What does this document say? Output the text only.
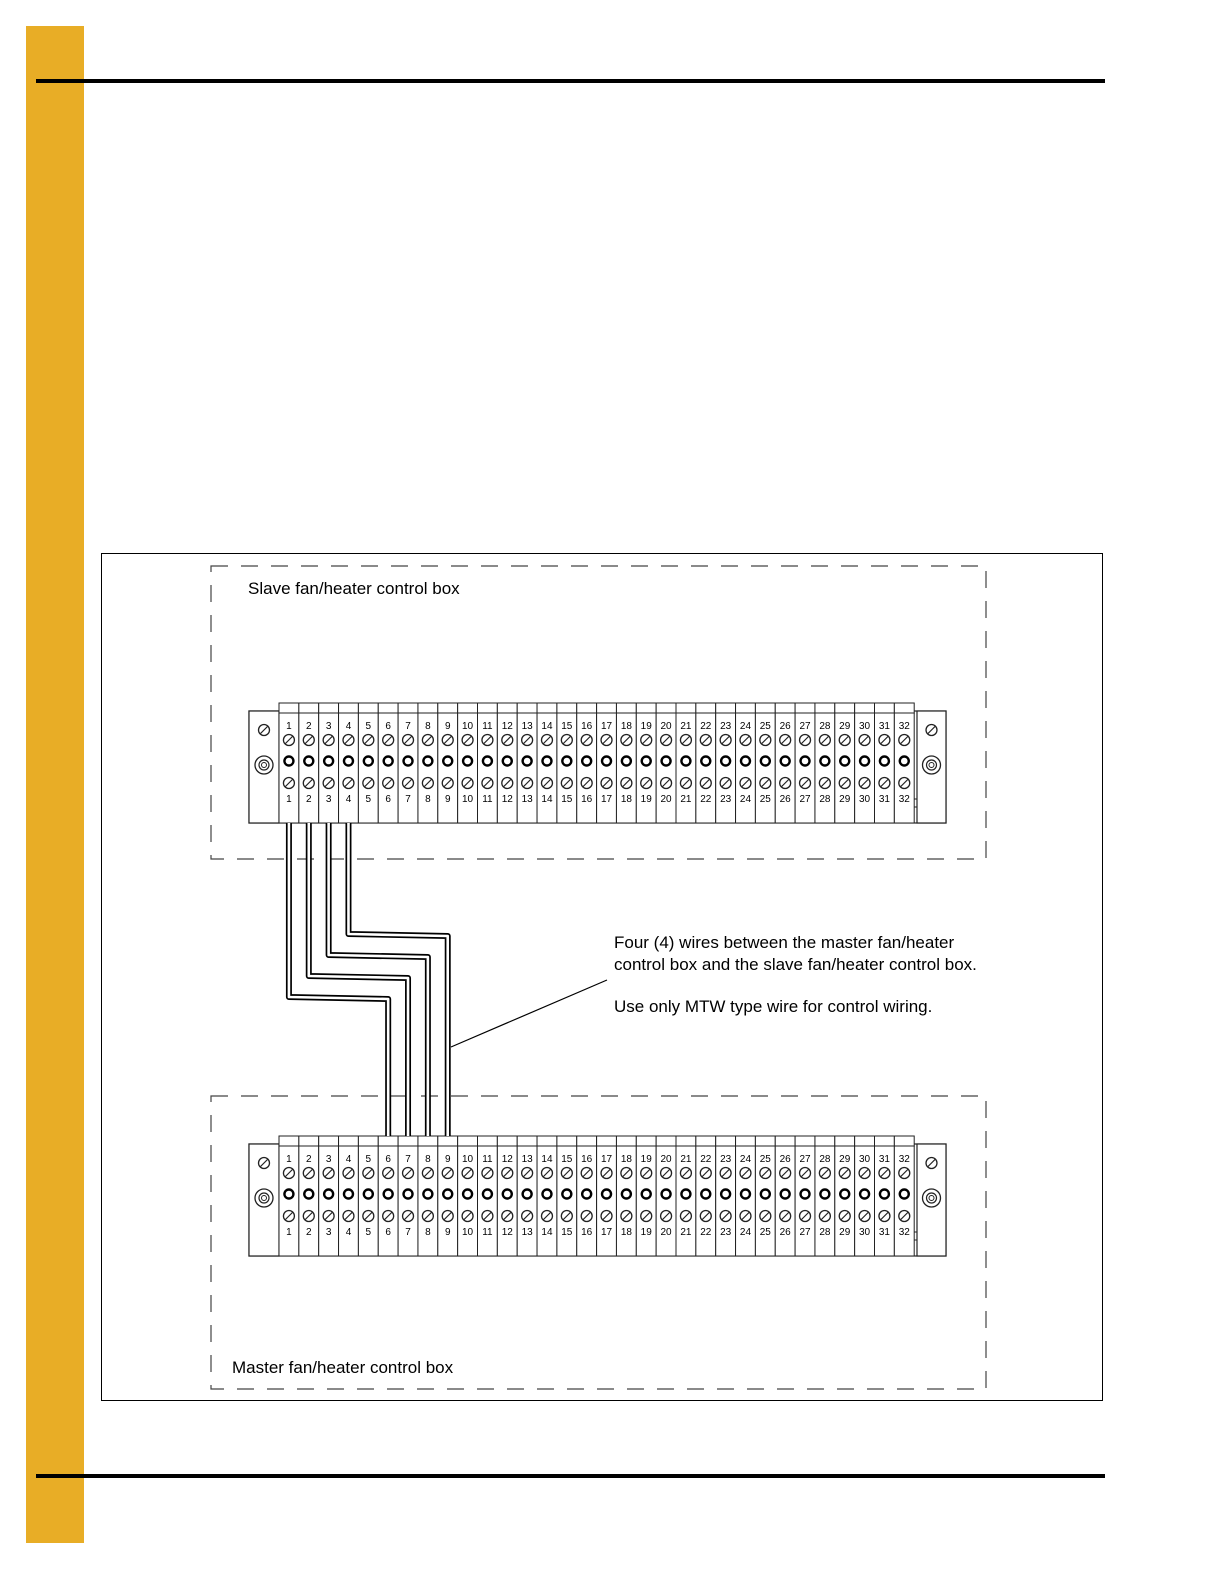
1
1
2
2
3
3
4
4
5
5
6
6
7
7
8
8
9
9
10
10
11
11
12
12
13
13
14
14
15
15
16
16
17
17
18
18
19
19
20
20
21
21
22
22
23
23
24
24
25
25
26
26
27
27
28
28
29
29
30
30
31
31
32
32
1
1
2
2
3
3
4
4
5
5
6
6
7
7
8
8
9
9
10
10
11
11
12
12
13
13
14
14
15
15
16
16
17
17
18
18
19
19
20
20
21
21
22
22
23
23
24
24
25
25
26
26
27
27
28
28
29
29
30
30
31
31
32
32
Slave fan/heater control box
Master fan/heater control box
Four (4) wires between the master fan/heater
control box and the slave fan/heater control box.
Use only MTW type wire for control wiring.
